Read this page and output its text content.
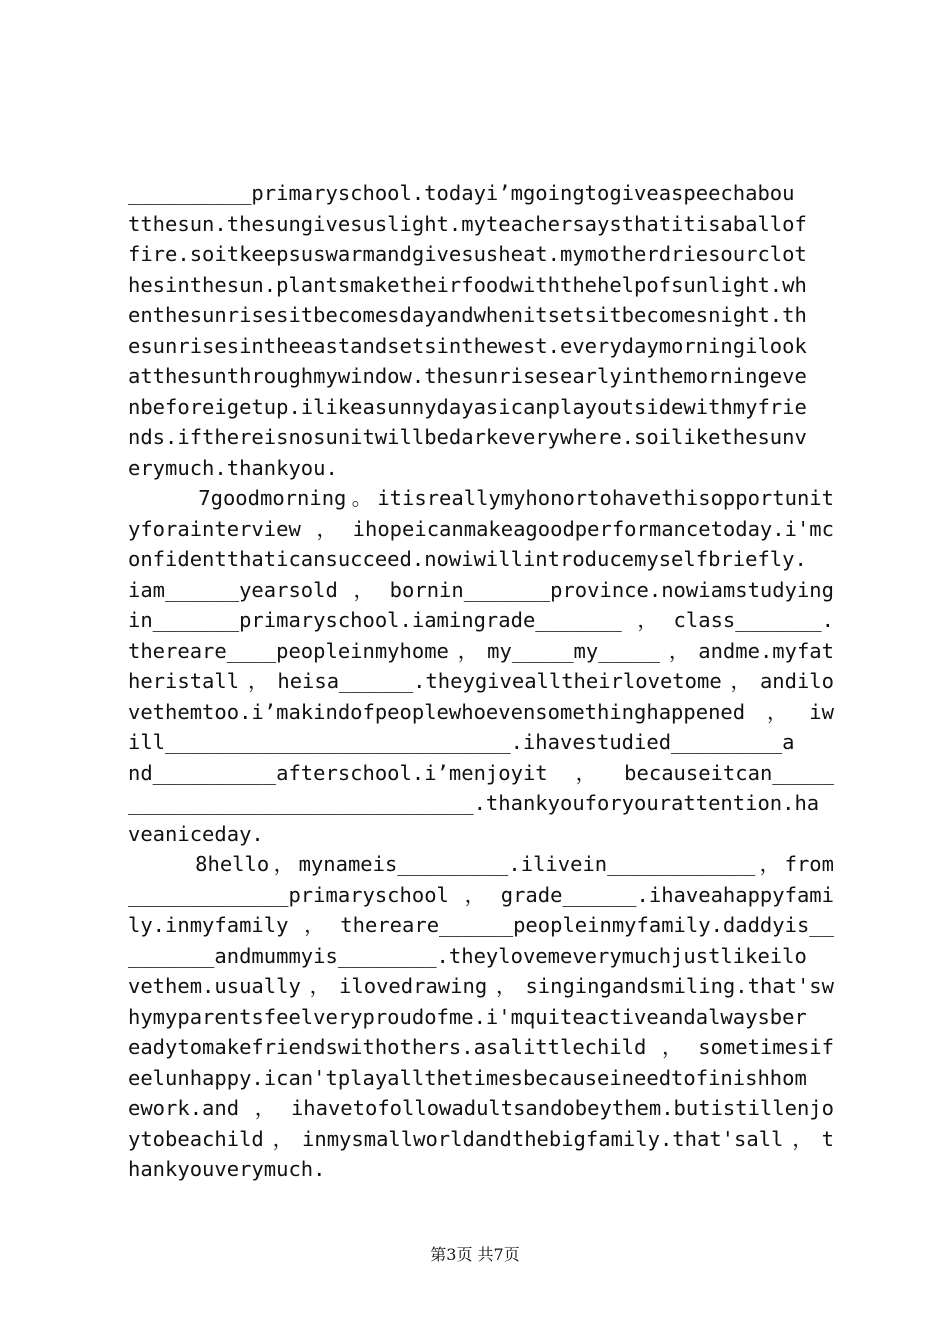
__________primaryschool.todayi’mgoingtogiveaspeechabou
tthesun.thesungivesuslight.myteachersaysthatitisaballof
fire.soitkeepsuswarmandgivesusheat.mymotherdriesourclot
hesinthesun.plantsmaketheirfoodwiththehelpofsunlight.wh
enthesunrisesitbecomesdayandwhenitsetsitbecomesnight.th
esunrisesintheeastandsetsinthewest.everydaymorningilook
atthesunthroughmywindow.thesunrisesearlyinthemorningeve
nbeforeigetup.ilikeasunnydayasicanplayoutsidewithmyfrie
nds.ifthereisnosunitwillbedarkeverywhere.soilikethesunv
erymuch.thankyou.
7goodmorning。itisreallymyhonortohavethisopportunit
yforainterview，ihopeicanmakeagoodperformancetoday.i'mc
onfidentthaticansucceed.nowiwillintroducemyselfbriefly.
iam______yearsold，bornin_______province.nowiamstudying
in_______primaryschool.iamingrade_______，class_______.
thereare____peopleinmyhome，my_____my_____，andme.myfat
heristall，heisa______.theygivealltheirlovetome，andilo
vethemtoo.i’makindofpeoplewhoevensomethinghappened，iw
ill____________________________.ihavestudied_________a
nd__________afterschool.i’menjoyit，becauseitcan_____
____________________________.thankyouforyourattention.ha
veaniceday.
8hello，mynameis_________.ilivein____________，from
_____________primaryschool，grade______.ihaveahappyfami
ly.inmyfamily，thereare______peopleinmyfamily.daddyis__
_______andmummyis________.theylovemeverymuchjustlikeilo
vethem.usually，ilovedrawing，singingandsmiling.that'sw
hymyparentsfeelveryproudofme.i'mquiteactiveandalwaysber
eadytomakefriendswithothers.asalittlechild，sometimesif
eelunhappy.ican'tplayallthetimesbecauseineedtofinishhom
ework.and，ihavetofollowadultsandobeythem.butistillenjo
ytobeachild，inmysmallworldandthebigfamily.that'sall，t
hankyouverymuch.
第3页 共7页
